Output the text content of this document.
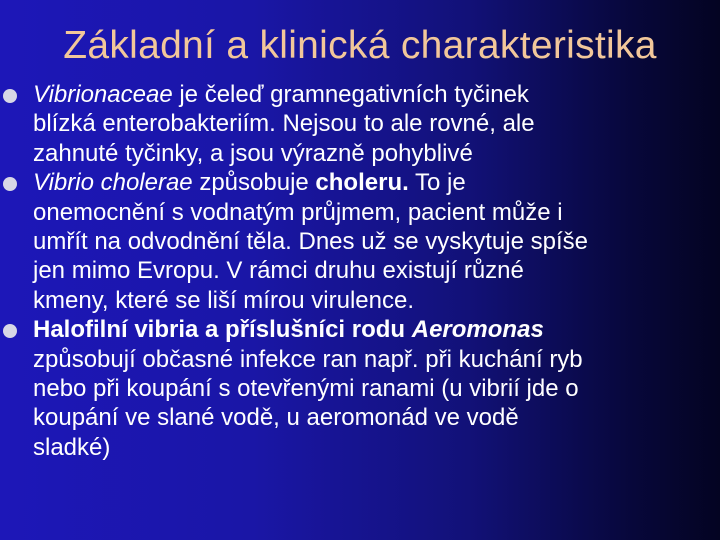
Základní a klinická charakteristika
Vibrionaceae je čeleď gramnegativních tyčinek
blízká enterobakteriím. Nejsou to ale rovné, ale
zahnuté tyčinky, a jsou výrazně pohyblivé
Vibrio cholerae způsobuje choleru. To je
onemocnění s vodnatým průjmem, pacient může i
umřít na odvodnění těla. Dnes už se vyskytuje spíše
jen mimo Evropu. V rámci druhu existují různé
kmeny, které se liší mírou virulence.
Halofilní vibria a příslušníci rodu Aeromonas
způsobují občasné infekce ran např. při kuchání ryb
nebo při koupání s otevřenými ranami (u vibrií jde o
koupání ve slané vodě, u aeromonád ve vodě
sladké)
